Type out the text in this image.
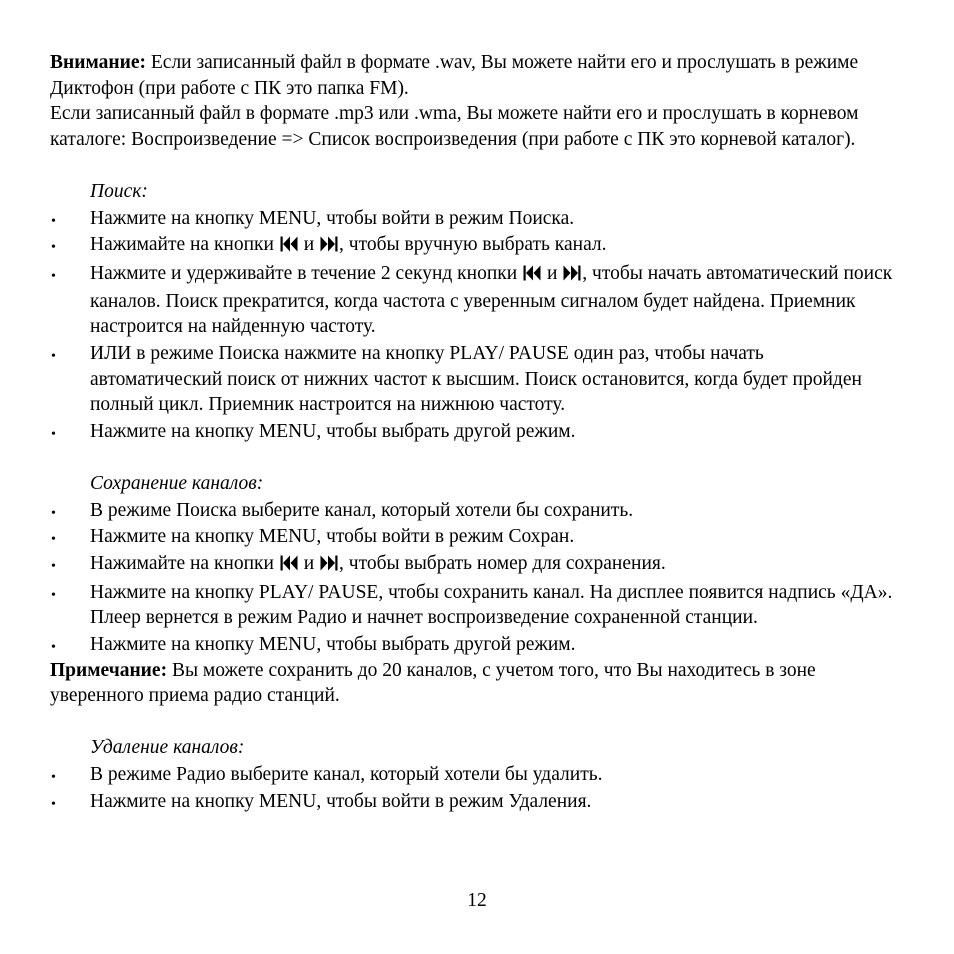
Внимание: Если записанный файл в формате .wav, Вы можете найти его и прослушать в режиме Диктофон (при работе с ПК это папка FM).

Если записанный файл в формате .mp3 или .wma, Вы можете найти его и прослушать в корневом каталоге: Воспроизведение => Список воспроизведения (при работе с ПК это корневой каталог).

Поиск:

• Нажмите на кнопку MENU, чтобы войти в режим Поиска.
• Нажимайте на кнопки  и , чтобы вручную выбрать канал.
• Нажмите и удерживайте в течение 2 секунд кнопки  и , чтобы начать автоматический поиск каналов. Поиск прекратится, когда частота с уверенным сигналом будет найдена. Приемник настроится на найденную частоту.
• ИЛИ в режиме Поиска нажмите на кнопку PLAY/ PAUSE один раз, чтобы начать автоматический поиск от нижних частот к высшим. Поиск остановится, когда будет пройден полный цикл. Приемник настроится на нижнюю частоту.
• Нажмите на кнопку MENU, чтобы выбрать другой режим.

Сохранение каналов:

• В режиме Поиска выберите канал, который хотели бы сохранить.
• Нажмите на кнопку MENU, чтобы войти в режим Сохран.
• Нажимайте на кнопки  и , чтобы выбрать номер для сохранения.
• Нажмите на кнопку PLAY/ PAUSE, чтобы сохранить канал. На дисплее появится надпись «ДА». Плеер вернется в режим Радио и начнет воспроизведение сохраненной станции.
• Нажмите на кнопку MENU, чтобы выбрать другой режим.

Примечание: Вы можете сохранить до 20 каналов, с учетом того, что Вы находитесь в зоне уверенного приема радио станций.

Удаление каналов:

• В режиме Радио выберите канал, который хотели бы удалить.
• Нажмите на кнопку MENU, чтобы войти в режим Удаления.
12
